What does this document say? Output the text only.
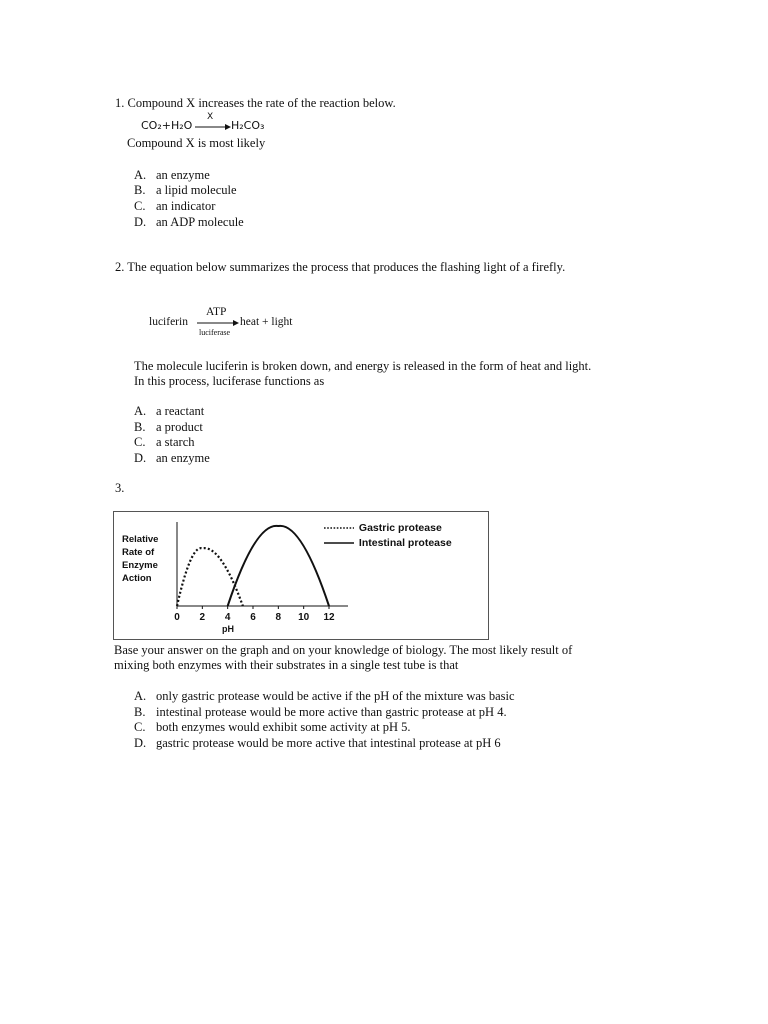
1. Compound X increases the rate of the reaction below.
CO₂+H₂O
X
→ H₂CO₃
Compound X is most likely
A. an enzyme
B. a lipid molecule
C. an indicator
D. an ADP molecule
2. The equation below summarizes the process that produces the flashing light of a firefly.
luciferin
ATP
luciferase
heat + light
The molecule luciferin is broken down, and energy is released in the form of heat and light.
In this process, luciferase functions as
A. a reactant
B. a product
C. a starch
D. an enzyme
3.
Relative
Rate of
Enzyme
Action
0 2 4 6 8 10 12
pH
Gastric protease
Intestinal protease
Base your answer on the graph and on your knowledge of biology. The most likely result of
mixing both enzymes with their substrates in a single test tube is that
A. only gastric protease would be active if the pH of the mixture was basic
B. intestinal protease would be more active than gastric protease at pH 4.
C. both enzymes would exhibit some activity at pH 5.
D. gastric protease would be more active that intestinal protease at pH 6
